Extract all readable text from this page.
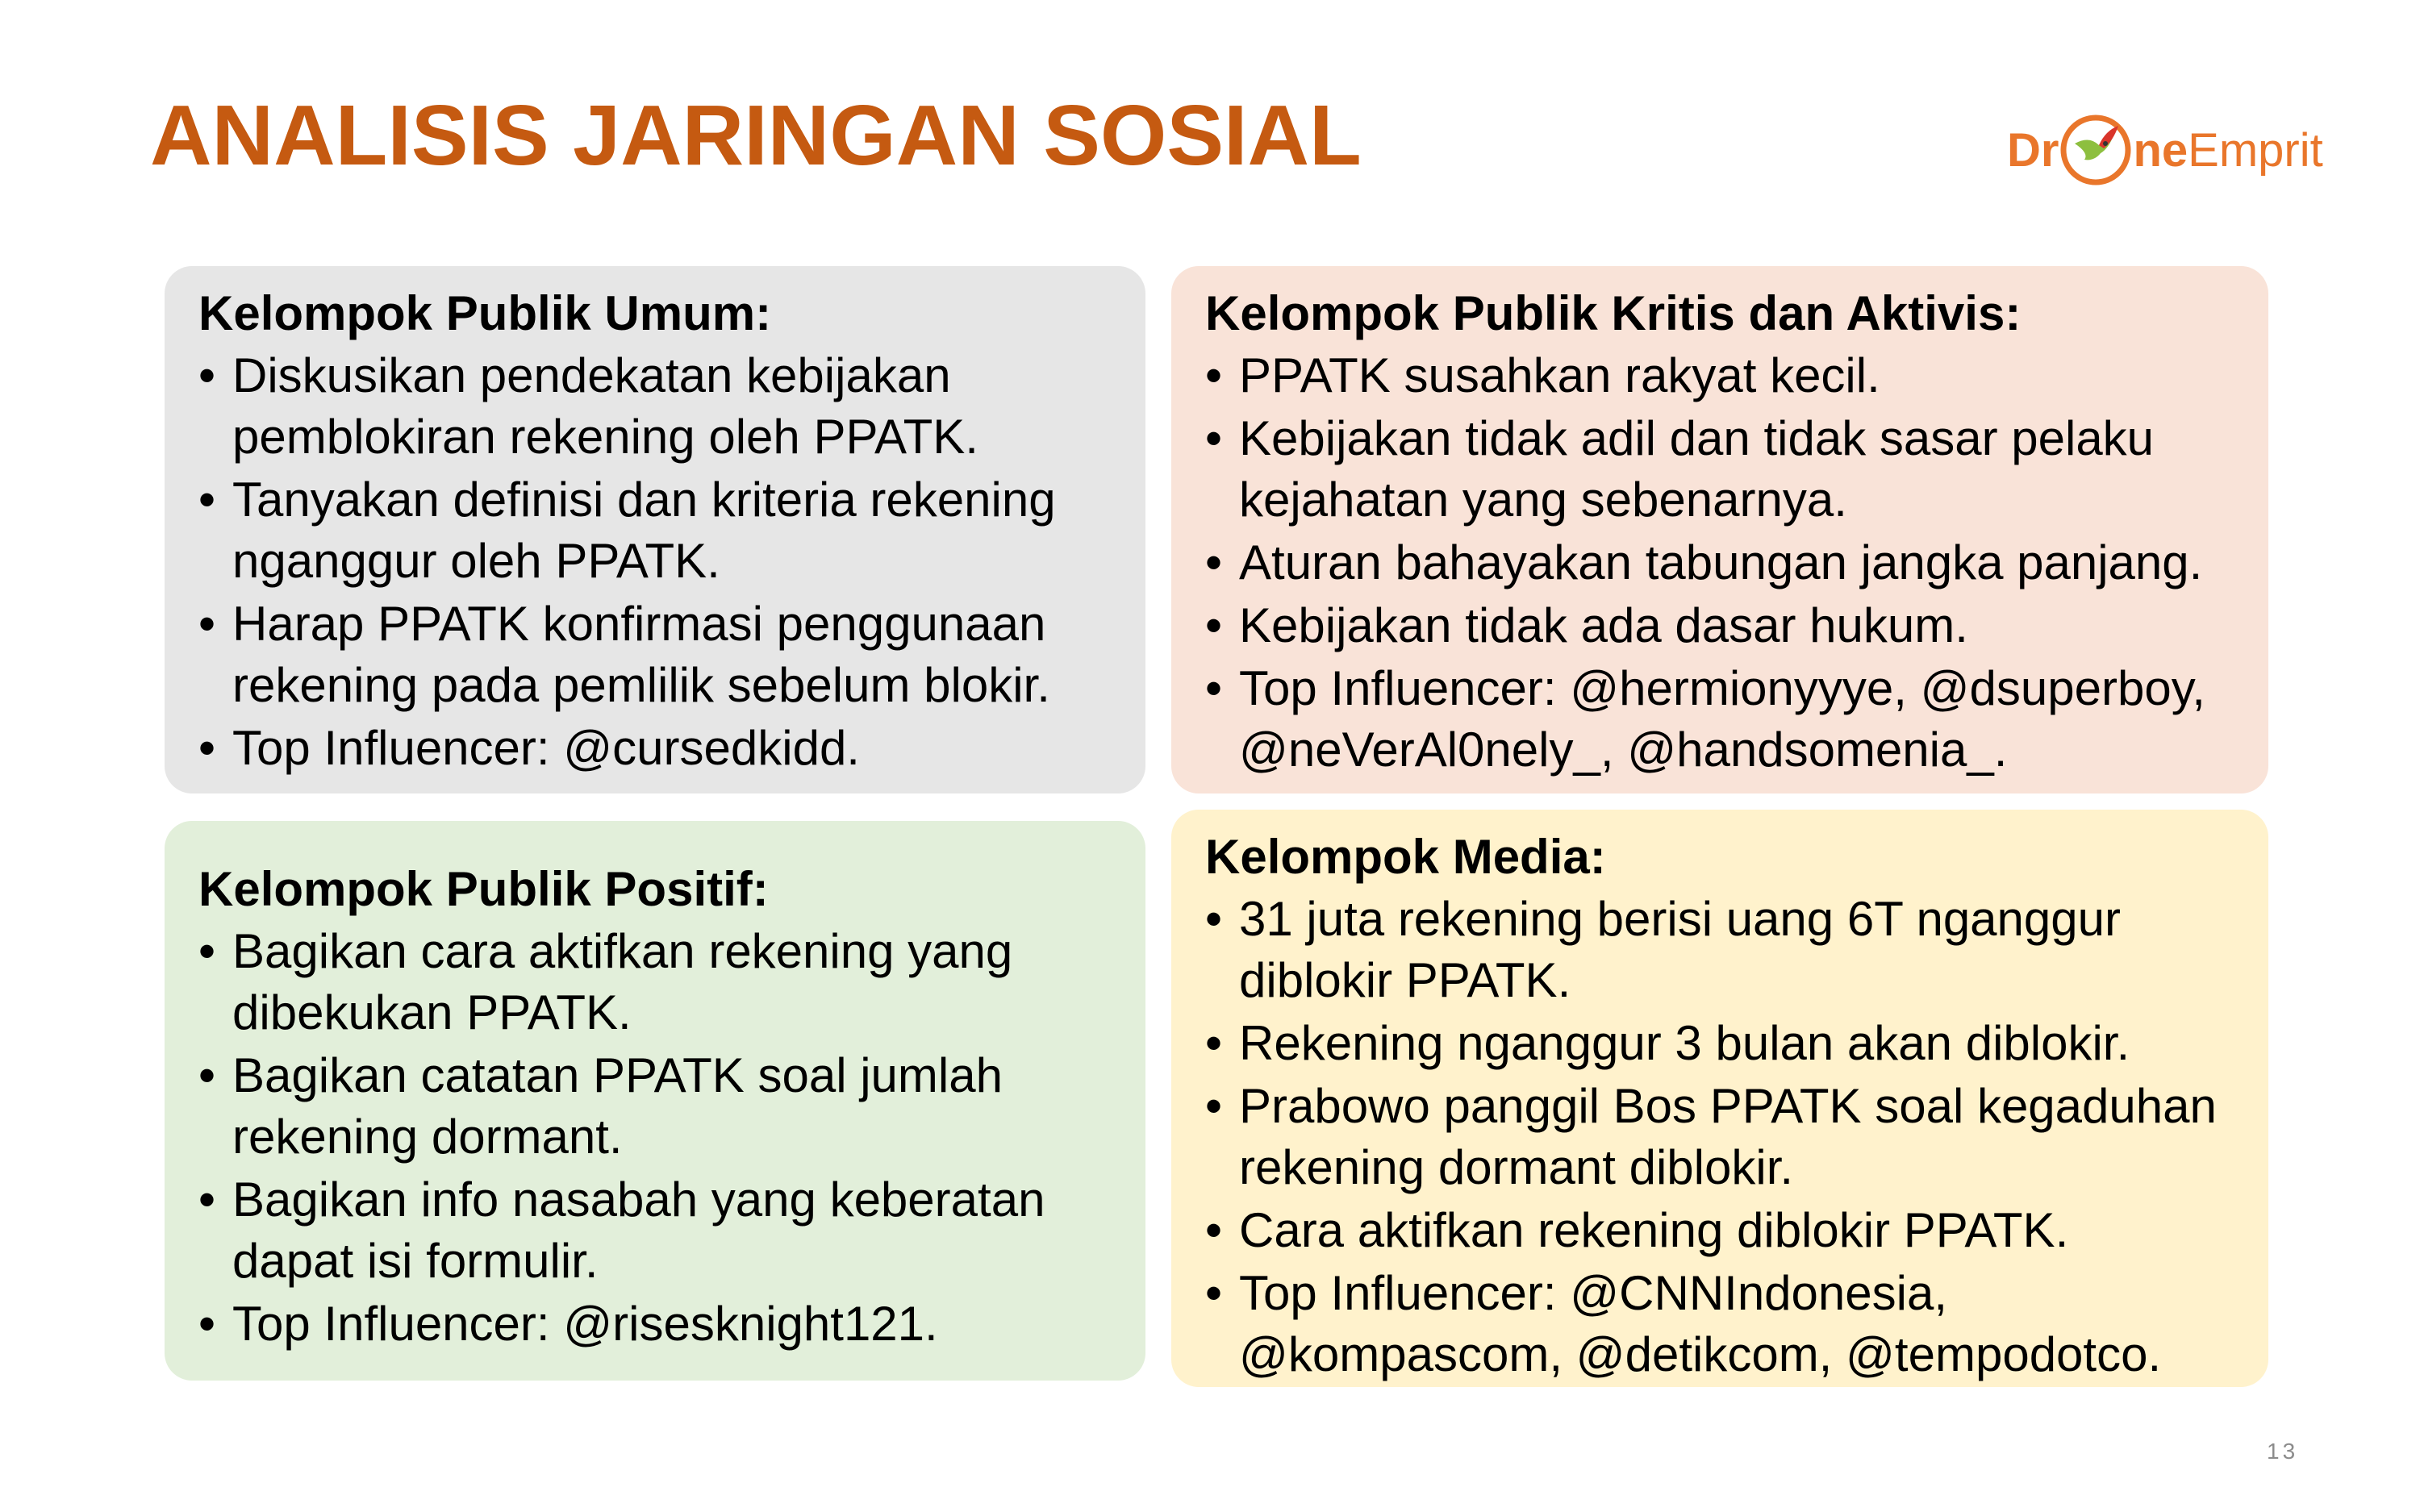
ANALISIS JARINGAN SOSIAL	Dr ne Emprit
Kelompok Publik Umum:
• Diskusikan pendekatan kebijakan pemblokiran rekening oleh PPATK.
• Tanyakan definisi dan kriteria rekening nganggur oleh PPATK.
• Harap PPATK konfirmasi penggunaan rekening pada pemlilik sebelum blokir.
• Top Influencer: @cursedkidd.
Kelompok Publik Kritis dan Aktivis:
• PPATK susahkan rakyat kecil.
• Kebijakan tidak adil dan tidak sasar pelaku kejahatan yang sebenarnya.
• Aturan bahayakan tabungan jangka panjang.
• Kebijakan tidak ada dasar hukum.
• Top Influencer: @hermionyyye, @dsuperboy, @neVerAl0nely_, @handsomenia_.
Kelompok Publik Positif:
• Bagikan cara aktifkan rekening yang dibekukan PPATK.
• Bagikan catatan PPATK soal jumlah rekening dormant.
• Bagikan info nasabah yang keberatan dapat isi formulir.
• Top Influencer: @risesknight121.
Kelompok Media:
• 31 juta rekening berisi uang 6T nganggur diblokir PPATK.
• Rekening nganggur 3 bulan akan diblokir.
• Prabowo panggil Bos PPATK soal kegaduhan rekening dormant diblokir.
• Cara aktifkan rekening diblokir PPATK.
• Top Influencer: @CNNIndonesia, @kompascom, @detikcom, @tempodotco.
13
